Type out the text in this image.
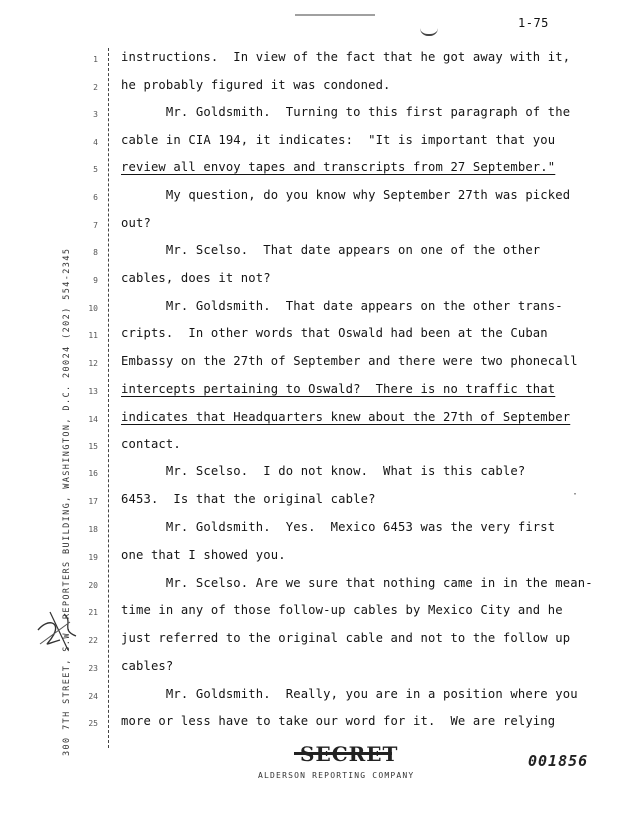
1-75
300 7TH STREET, S.W. REPORTERS BUILDING, WASHINGTON, D.C. 20024 (202) 554-2345
1 instructions.  In view of the fact that he got away with it,
2 he probably figured it was condoned.
3 Mr. Goldsmith.  Turning to this first paragraph of the
4 cable in CIA 194, it indicates:  "It is important that you
5 review all envoy tapes and transcripts from 27 September."
6 My question, do you know why September 27th was picked
7 out?
8 Mr. Scelso.  That date appears on one of the other
9 cables, does it not?
10 Mr. Goldsmith.  That date appears on the other trans-
11 cripts.  In other words that Oswald had been at the Cuban
12 Embassy on the 27th of September and there were two phonecall
13 intercepts pertaining to Oswald?  There is no traffic that
14 indicates that Headquarters knew about the 27th of September
15 contact.
16 Mr. Scelso.  I do not know.  What is this cable?
17 6453.  Is that the original cable?
18 Mr. Goldsmith.  Yes.  Mexico 6453 was the very first
19 one that I showed you.
20 Mr. Scelso. Are we sure that nothing came in in the mean-
21 time in any of those follow-up cables by Mexico City and he
22 just referred to the original cable and not to the follow up
23 cables?
24 Mr. Goldsmith.  Really, you are in a position where you
25 more or less have to take our word for it.  We are relying
·
SECRET
ALDERSON REPORTING COMPANY
001856
